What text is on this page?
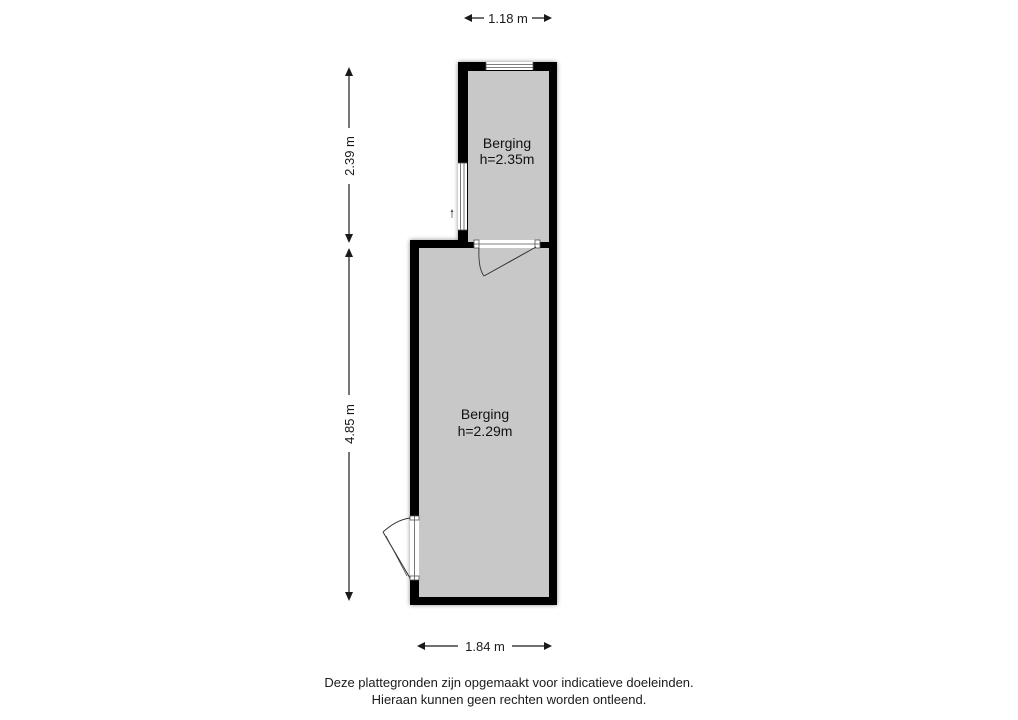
1.18 m
2.39 m
4.85 m
1.84 m
Berging
h=2.35m
Berging
h=2.29m
Deze plattegronden zijn opgemaakt voor indicatieve doeleinden.
Hieraan kunnen geen rechten worden ontleend.
